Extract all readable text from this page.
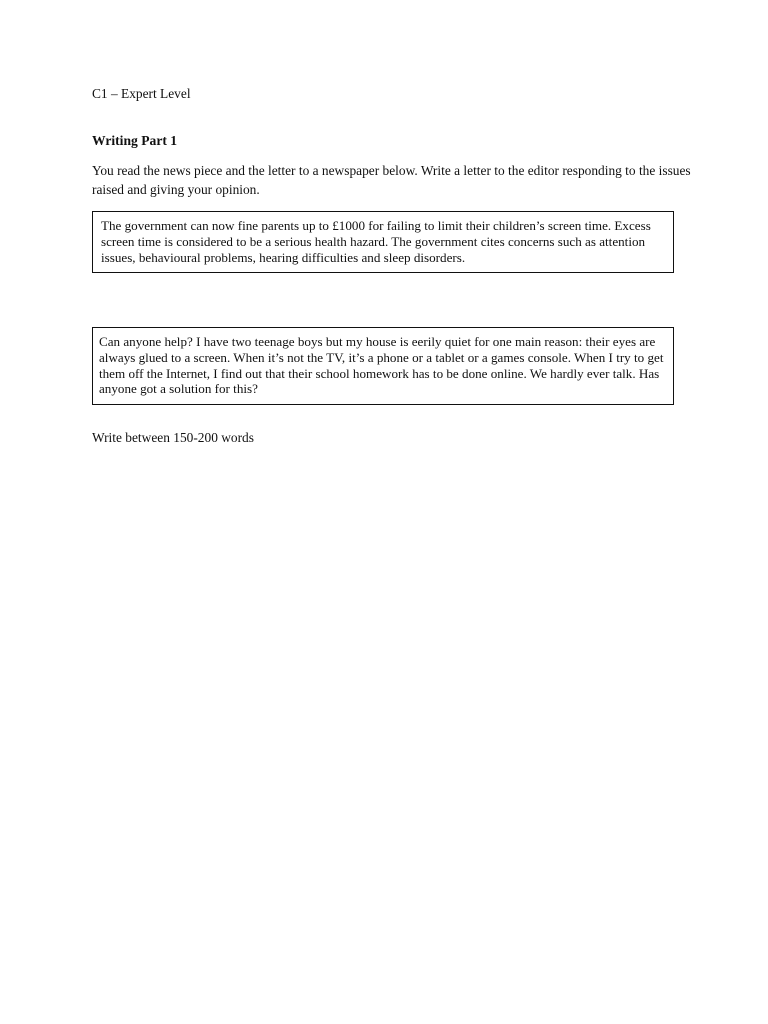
C1 – Expert Level
Writing Part 1
You read the news piece and the letter to a newspaper below. Write a letter to the editor responding to the issues raised and giving your opinion.

The government can now fine parents up to £1000 for failing to limit their children’s screen time. Excess screen time is considered to be a serious health hazard. The government cites concerns such as attention issues, behavioural problems, hearing difficulties and sleep disorders.

Can anyone help? I have two teenage boys but my house is eerily quiet for one main reason: their eyes are always glued to a screen. When it’s not the TV, it’s a phone or a tablet or a games console. When I try to get them off the Internet, I find out that their school homework has to be done online. We hardly ever talk. Has anyone got a solution for this?

Write between 150-200 words
